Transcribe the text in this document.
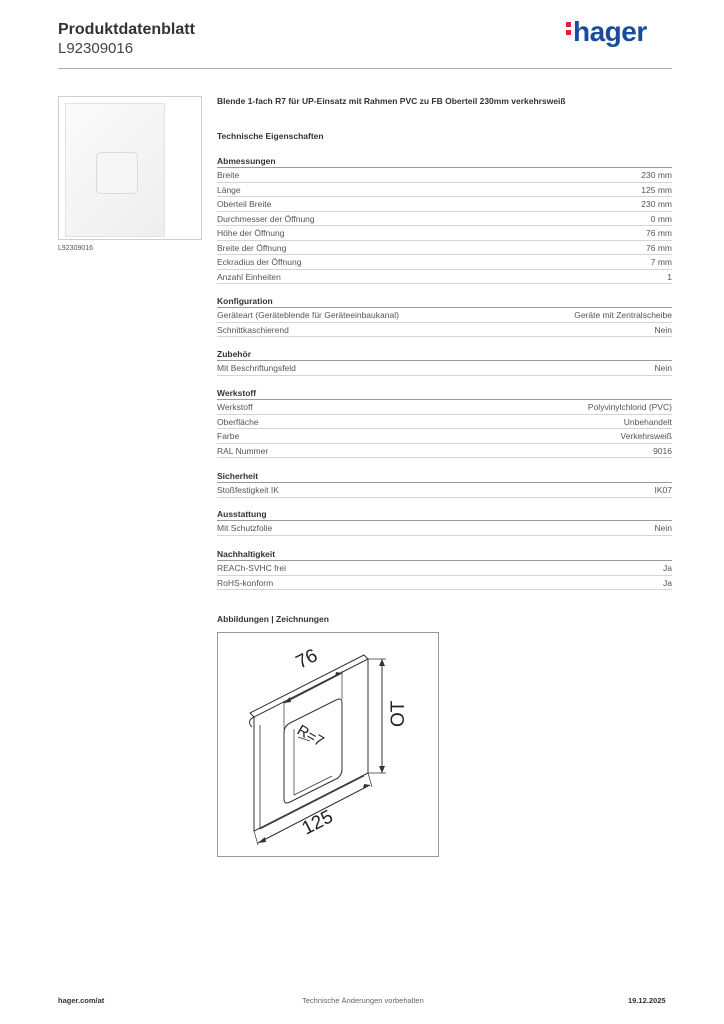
Produktdatenblatt
L92309016
hager
L92309016
Blende 1-fach R7 für UP-Einsatz mit Rahmen PVC zu FB Oberteil 230mm verkehrsweiß
Technische Eigenschaften
Abmessungen
Breite	230 mm
Länge	125 mm
Oberteil Breite	230 mm
Durchmesser der Öffnung	0 mm
Höhe der Öffnung	76 mm
Breite der Öffnung	76 mm
Eckradius der Öffnung	7 mm
Anzahl Einheiten	1
Konfiguration
Geräteart (Geräteblende für Geräteeinbaukanal)	Geräte mit Zentralscheibe
Schnittkaschierend	Nein
Zubehör
Mit Beschriftungsfeld	Nein
Werkstoff
Werkstoff	Polyvinylchlorid (PVC)
Oberfläche	Unbehandelt
Farbe	Verkehrsweiß
RAL Nummer	9016
Sicherheit
Stoßfestigkeit IK	IK07
Ausstattung
Mit Schutzfolie	Nein
Nachhaltigkeit
REACh-SVHC frei	Ja
RoHS-konform	Ja
Abbildungen | Zeichnungen
76
OT
R=7
125
hager.com/at	Technische Änderungen vorbehalten	19.12.2025
